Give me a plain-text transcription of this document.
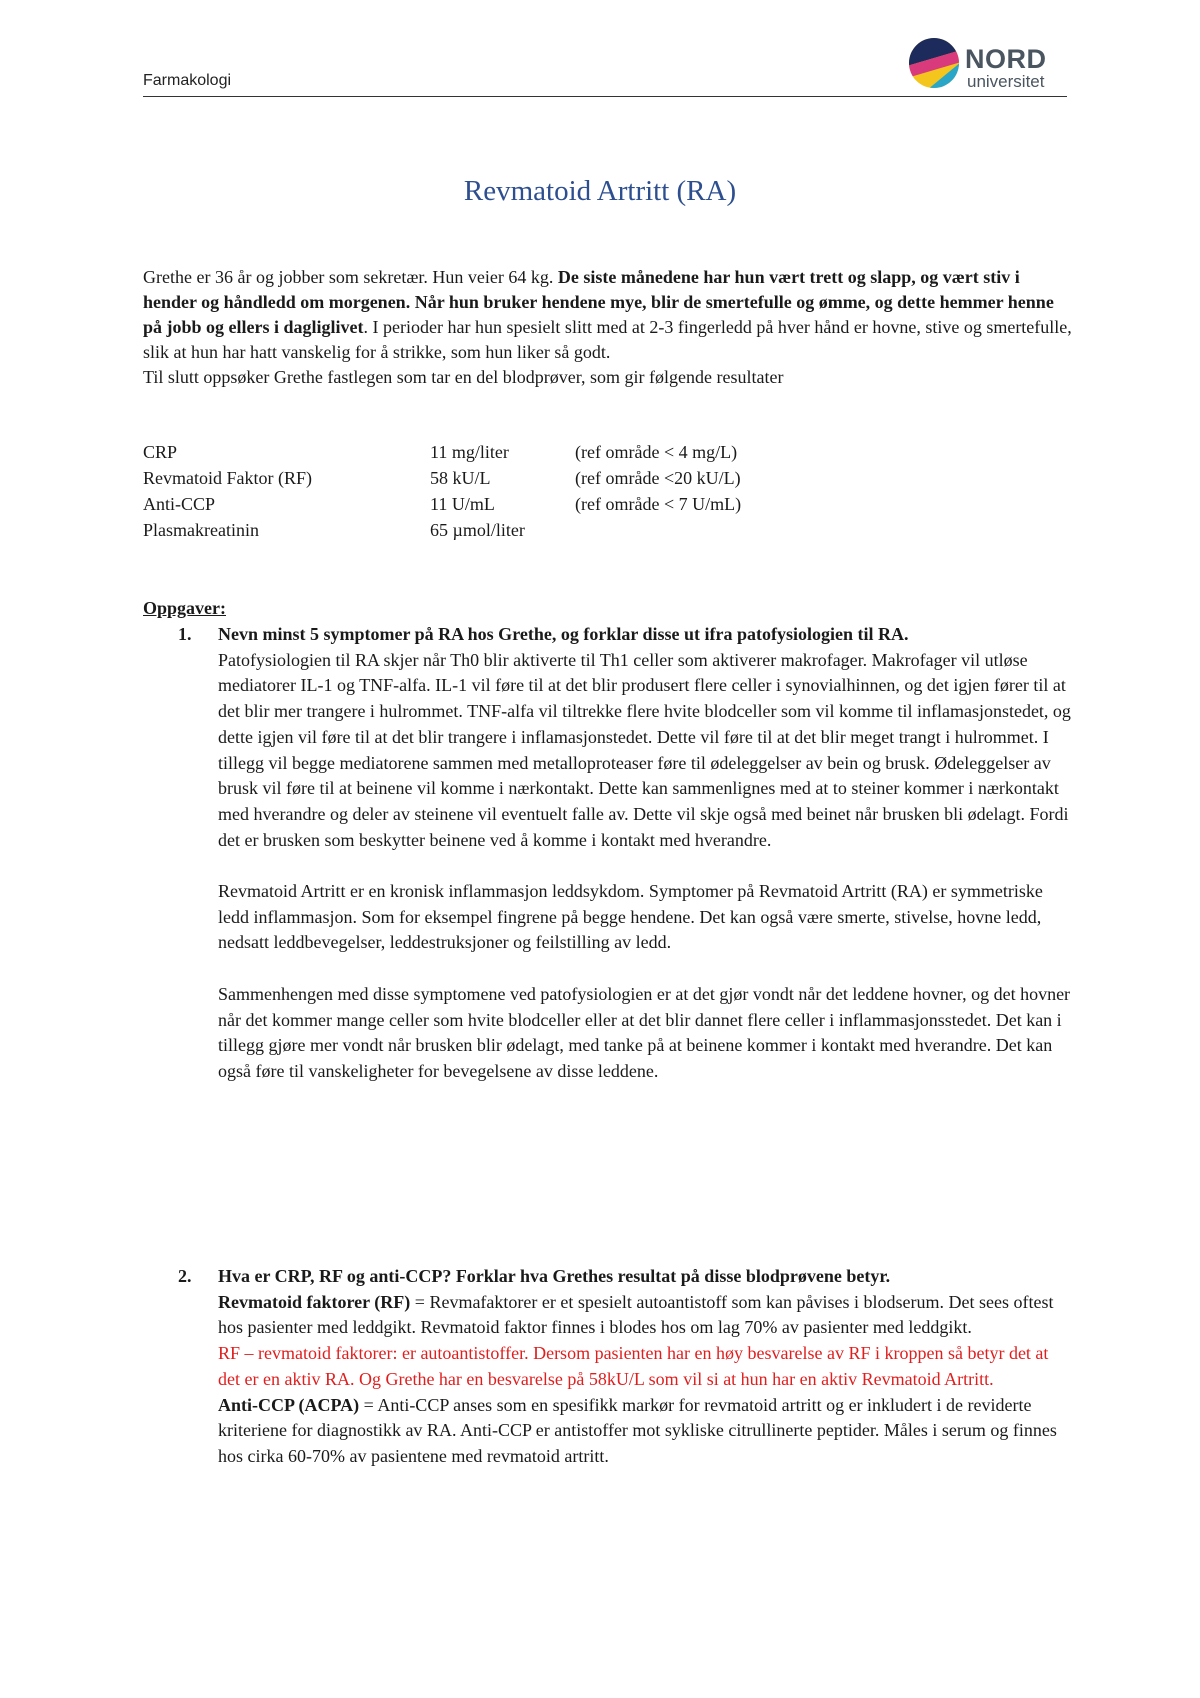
Farmakologi
NORD
universitet
Revmatoid Artritt (RA)

Grethe er 36 år og jobber som sekretær. Hun veier 64 kg. De siste månedene har hun vært trett og slapp, og vært stiv i hender og håndledd om morgenen. Når hun bruker hendene mye, blir de smertefulle og ømme, og dette hemmer henne på jobb og ellers i dagliglivet. I perioder har hun spesielt slitt med at 2-3 fingerledd på hver hånd er hovne, stive og smertefulle, slik at hun har hatt vanskelig for å strikke, som hun liker så godt.

Til slutt oppsøker Grethe fastlegen som tar en del blodprøver, som gir følgende resultater

CRP	11 mg/liter	(ref område < 4 mg/L)
Revmatoid Faktor (RF)	58 kU/L	(ref område <20 kU/L)
Anti-CCP	11 U/mL	(ref område < 7 U/mL)
Plasmakreatinin	65 µmol/liter	
Oppgaver:
1. Nevn minst 5 symptomer på RA hos Grethe, og forklar disse ut ifra patofysiologien til RA.

Patofysiologien til RA skjer når Th0 blir aktiverte til Th1 celler som aktiverer makrofager. Makrofager vil utløse mediatorer IL-1 og TNF-alfa. IL-1 vil føre til at det blir produsert flere celler i synovialhinnen, og det igjen fører til at det blir mer trangere i hulrommet. TNF-alfa vil tiltrekke flere hvite blodceller som vil komme til inflamasjonstedet, og dette igjen vil føre til at det blir trangere i inflamasjonstedet. Dette vil føre til at det blir meget trangt i hulrommet. I tillegg vil begge mediatorene sammen med metalloproteaser føre til ødeleggelser av bein og brusk. Ødeleggelser av brusk vil føre til at beinene vil komme i nærkontakt. Dette kan sammenlignes med at to steiner kommer i nærkontakt med hverandre og deler av steinene vil eventuelt falle av. Dette vil skje også med beinet når brusken bli ødelagt. Fordi det er brusken som beskytter beinene ved å komme i kontakt med hverandre.

Revmatoid Artritt er en kronisk inflammasjon leddsykdom. Symptomer på Revmatoid Artritt (RA) er symmetriske ledd inflammasjon. Som for eksempel fingrene på begge hendene. Det kan også være smerte, stivelse, hovne ledd, nedsatt leddbevegelser, leddestruksjoner og feilstilling av ledd.

Sammenhengen med disse symptomene ved patofysiologien er at det gjør vondt når det leddene hovner, og det hovner når det kommer mange celler som hvite blodceller eller at det blir dannet flere celler i inflammasjonsstedet. Det kan i tillegg gjøre mer vondt når brusken blir ødelagt, med tanke på at beinene kommer i kontakt med hverandre. Det kan også føre til vanskeligheter for bevegelsene av disse leddene.

2. Hva er CRP, RF og anti-CCP? Forklar hva Grethes resultat på disse blodprøvene betyr.

Revmatoid faktorer (RF) = Revmafaktorer er et spesielt autoantistoff som kan påvises i blodserum. Det sees oftest hos pasienter med leddgikt. Revmatoid faktor finnes i blodes hos om lag 70% av pasienter med leddgikt.

RF – revmatoid faktorer: er autoantistoffer. Dersom pasienten har en høy besvarelse av RF i kroppen så betyr det at det er en aktiv RA. Og Grethe har en besvarelse på 58kU/L som vil si at hun har en aktiv Revmatoid Artritt.

Anti-CCP (ACPA) = Anti-CCP anses som en spesifikk markør for revmatoid artritt og er inkludert i de reviderte kriteriene for diagnostikk av RA. Anti-CCP er antistoffer mot sykliske citrullinerte peptider. Måles i serum og finnes hos cirka 60-70% av pasientene med revmatoid artritt.
